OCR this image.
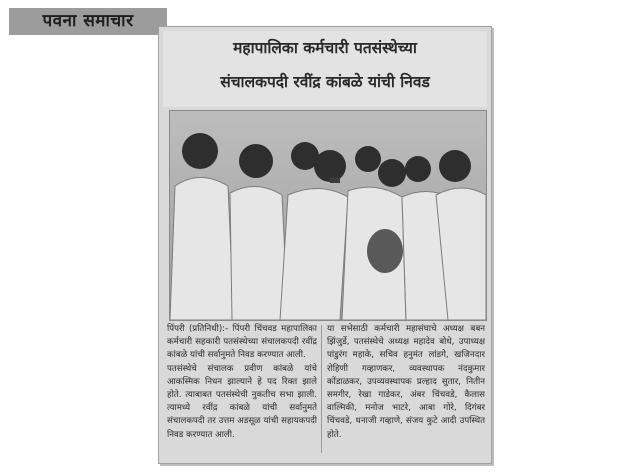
पवना समाचार
महापालिका कर्मचारी पतसंस्थेच्या
संचालकपदी रवींद्र कांबळे यांची निवड

पिंपरी (प्रतिनिधी):- पिंपरी चिंचवड महापालिका कर्मचारी सहकारी पतसंस्थेच्या संचालकपदी रवींद्र कांबळे यांची सर्वानुमते निवड करण्यात आली.

पतसंस्थेचे संचालक प्रवीण कांबळे यांचे आकस्मिक निधन झाल्याने हे पद रिक्त झाले होते. त्याबाबत पतसंस्थेची नुकतीच सभा झाली. त्यामध्ये रवींद्र कांबळे यांची सर्वानुमते संचालकपदी तर उत्तम अडसूळ यांची सहायकपदी निवड करण्यात आली.

या सभेसाठी कर्मचारी महासंघाचे अध्यक्ष बबन झिंजुर्डे, पतसंस्थेचे अध्यक्ष महादेव बोधे, उपाध्यक्ष पांडुरंग महाके, सचिव हनुमंत लांडगे, खजिनदार रोहिणी गव्हाणकर, व्यवस्थापक नंदकुमार कोंडाळकर, उपव्यवस्थापक प्रल्हाद सुतार, नितीन समगीर, रेखा गाडेकर, अंबर चिंचवडे, कैलास वाल्मिकी, मनोज भाटरे, आबा गोरे, दिगंबर चिंचवडे, धनाजी गव्हाणे, संजय कुटे आदी उपस्थित होते.
